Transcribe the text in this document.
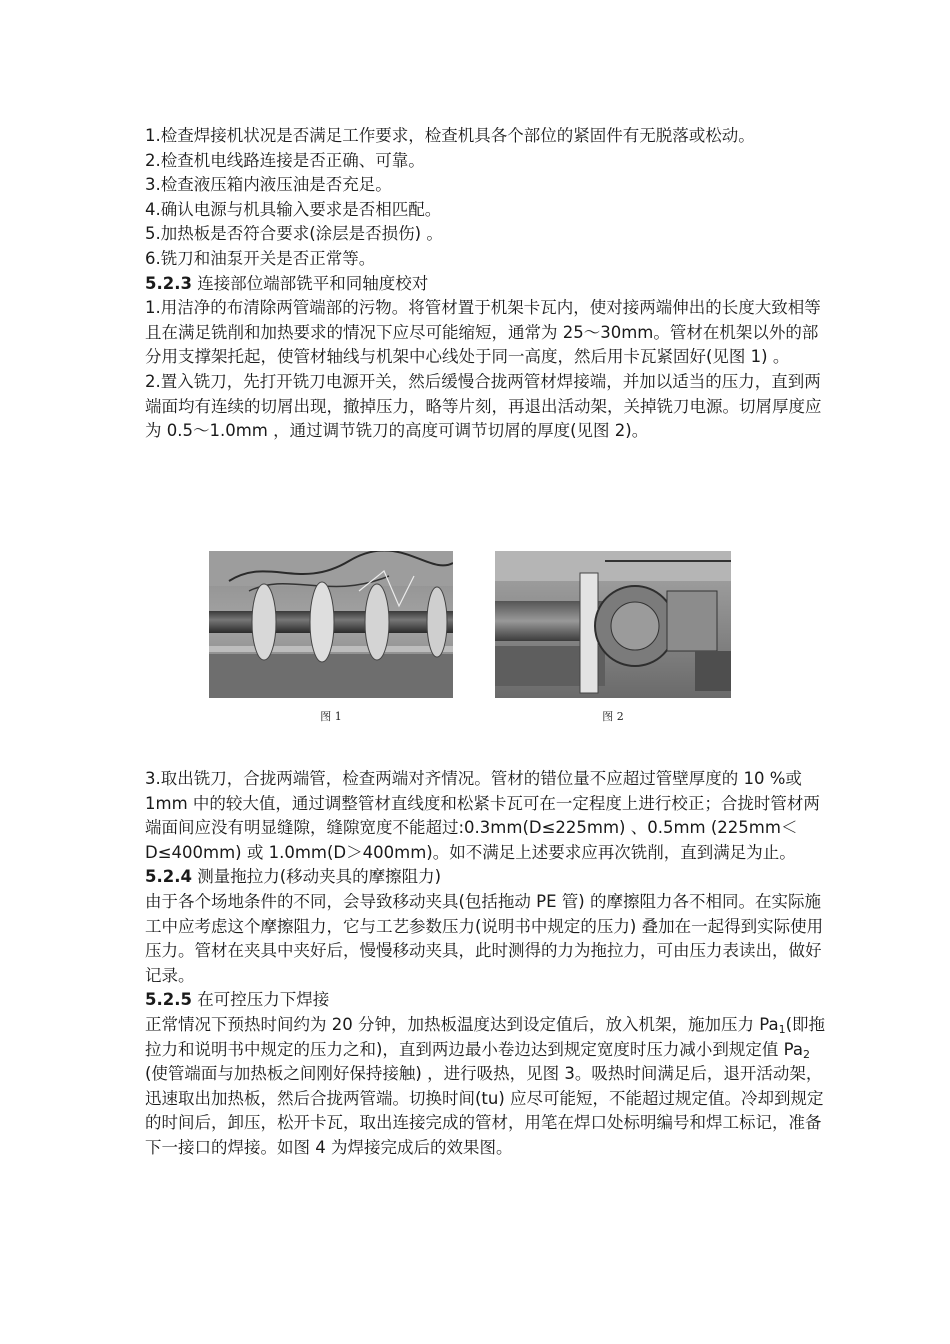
1.检查焊接机状况是否满足工作要求，检查机具各个部位的紧固件有无脱落或松动。

2.检查机电线路连接是否正确、可靠。

3.检查液压箱内液压油是否充足。

4.确认电源与机具输入要求是否相匹配。

5.加热板是否符合要求(涂层是否损伤) 。

6.铣刀和油泵开关是否正常等。

5.2.3 连接部位端部铣平和同轴度校对

1.用洁净的布清除两管端部的污物。将管材置于机架卡瓦内，使对接两端伸出的长度大致相等且在满足铣削和加热要求的情况下应尽可能缩短，通常为 25～30mm。管材在机架以外的部分用支撑架托起，使管材轴线与机架中心线处于同一高度，然后用卡瓦紧固好(见图 1) 。

2.置入铣刀，先打开铣刀电源开关，然后缓慢合拢两管材焊接端，并加以适当的压力，直到两端面均有连续的切屑出现，撤掉压力，略等片刻，再退出活动架，关掉铣刀电源。切屑厚度应为 0.5～1.0mm ，通过调节铣刀的高度可调节切屑的厚度(见图 2)。

图 1	图 2

3.取出铣刀，合拢两端管，检查两端对齐情况。管材的错位量不应超过管壁厚度的 10 %或 1mm 中的较大值，通过调整管材直线度和松紧卡瓦可在一定程度上进行校正；合拢时管材两端面间应没有明显缝隙，缝隙宽度不能超过:0.3mm(D≤225mm) 、0.5mm (225mm＜D≤400mm) 或 1.0mm(D＞400mm)。如不满足上述要求应再次铣削，直到满足为止。

5.2.4 测量拖拉力(移动夹具的摩擦阻力)

由于各个场地条件的不同，会导致移动夹具(包括拖动 PE 管) 的摩擦阻力各不相同。在实际施工中应考虑这个摩擦阻力，它与工艺参数压力(说明书中规定的压力) 叠加在一起得到实际使用压力。管材在夹具中夹好后，慢慢移动夹具，此时测得的力为拖拉力，可由压力表读出，做好记录。

5.2.5 在可控压力下焊接

正常情况下预热时间约为 20 分钟，加热板温度达到设定值后，放入机架，施加压力 $Pa_1$(即拖拉力和说明书中规定的压力之和)，直到两边最小卷边达到规定宽度时压力减小到规定值 $Pa_2$ (使管端面与加热板之间刚好保持接触) ，进行吸热，见图 3。吸热时间满足后，退开活动架，迅速取出加热板，然后合拢两管端。切换时间(tu) 应尽可能短，不能超过规定值。冷却到规定的时间后，卸压，松开卡瓦，取出连接完成的管材，用笔在焊口处标明编号和焊工标记，准备下一接口的焊接。如图 4 为焊接完成后的效果图。
